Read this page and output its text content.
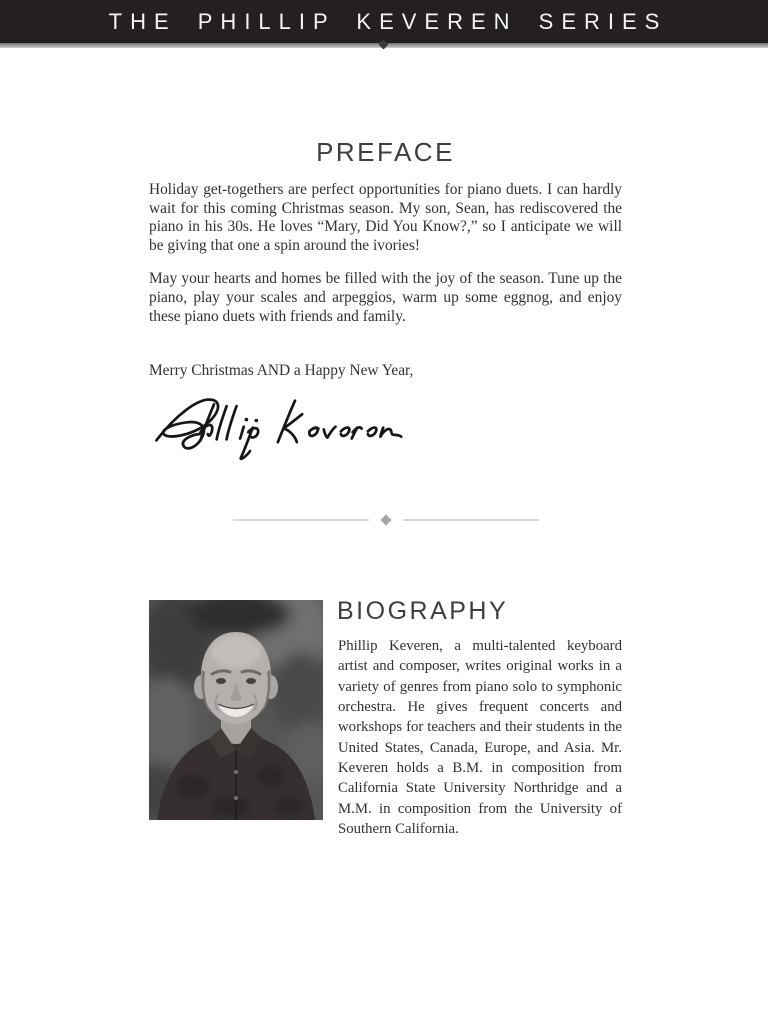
THE PHILLIP KEVEREN SERIES
PREFACE

Holiday get-togethers are perfect opportunities for piano duets. I can hardly wait for this coming Christmas season. My son, Sean, has rediscovered the piano in his 30s. He loves “Mary, Did You Know?,” so I anticipate we will be giving that one a spin around the ivories!

May your hearts and homes be filled with the joy of the season. Tune up the piano, play your scales and arpeggios, warm up some eggnog, and enjoy these piano duets with friends and family.

Merry Christmas AND a Happy New Year,

BIOGRAPHY

Phillip Keveren, a multi-talented keyboard artist and composer, writes original works in a variety of genres from piano solo to symphonic orchestra. He gives frequent concerts and workshops for teachers and their students in the United States, Canada, Europe, and Asia. Mr. Keveren holds a B.M. in composition from California State University Northridge and a M.M. in composition from the University of Southern California.
